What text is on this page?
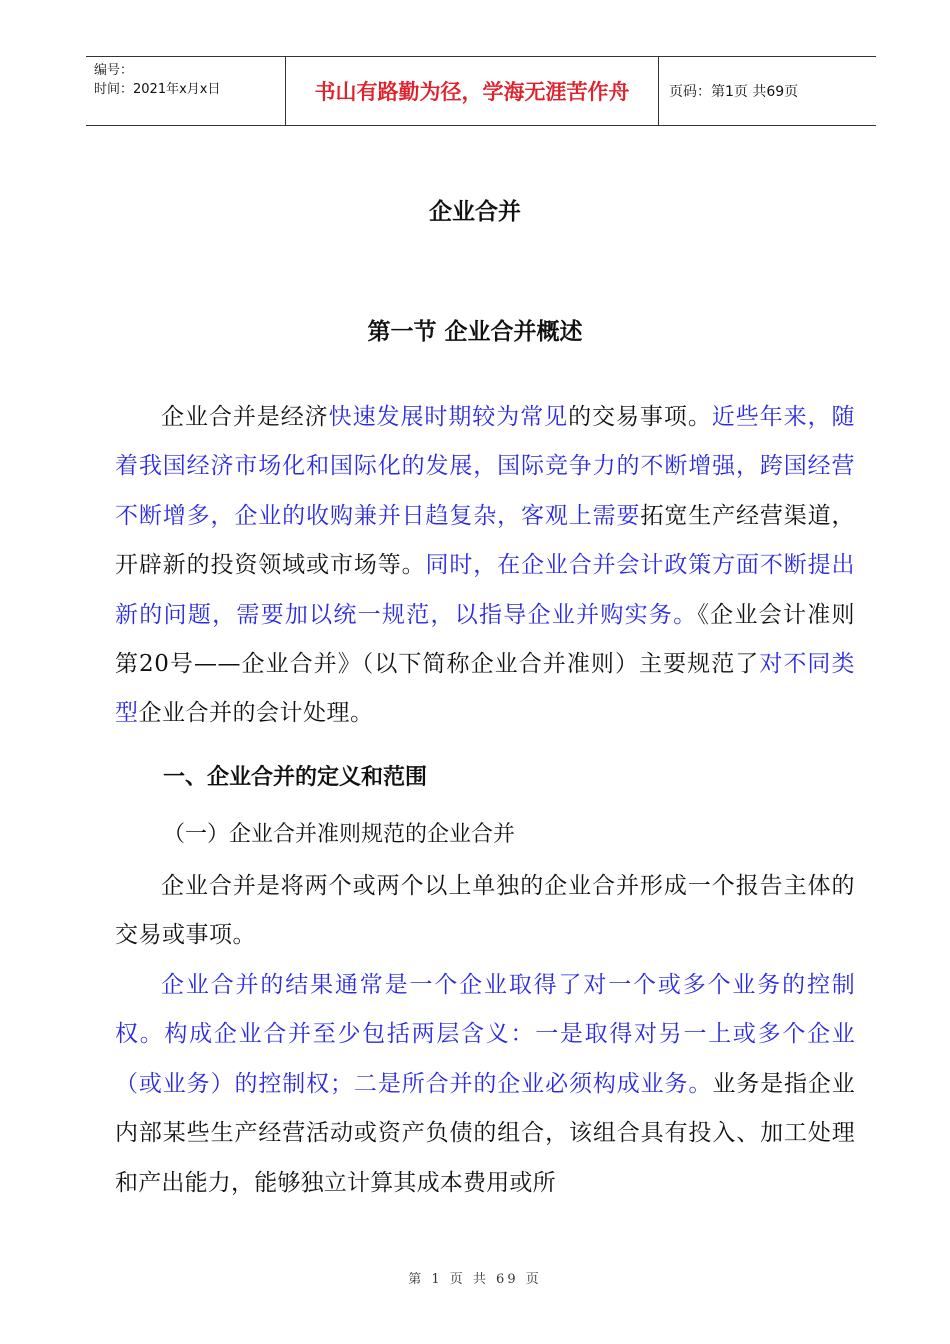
编号：
时间：2021年x月x日	书山有路勤为径，学海无涯苦作舟	页码：第1页 共69页
企业合并
第一节 企业合并概述

企业合并是经济快速发展时期较为常见的交易事项。近些年来，随着我国经济市场化和国际化的发展，国际竞争力的不断增强，跨国经营不断增多，企业的收购兼并日趋复杂，客观上需要拓宽生产经营渠道，开辟新的投资领域或市场等。同时，在企业合并会计政策方面不断提出新的问题，需要加以统一规范，以指导企业并购实务。《企业会计准则第20号——企业合并》（以下简称企业合并准则）主要规范了对不同类型企业合并的会计处理。

一、企业合并的定义和范围
（一）企业合并准则规范的企业合并

企业合并是将两个或两个以上单独的企业合并形成一个报告主体的交易或事项。

企业合并的结果通常是一个企业取得了对一个或多个业务的控制权。构成企业合并至少包括两层含义：一是取得对另一上或多个企业（或业务）的控制权；二是所合并的企业必须构成业务。业务是指企业内部某些生产经营活动或资产负债的组合，该组合具有投入、加工处理和产出能力，能够独立计算其成本费用或所

第 1 页 共 69 页
